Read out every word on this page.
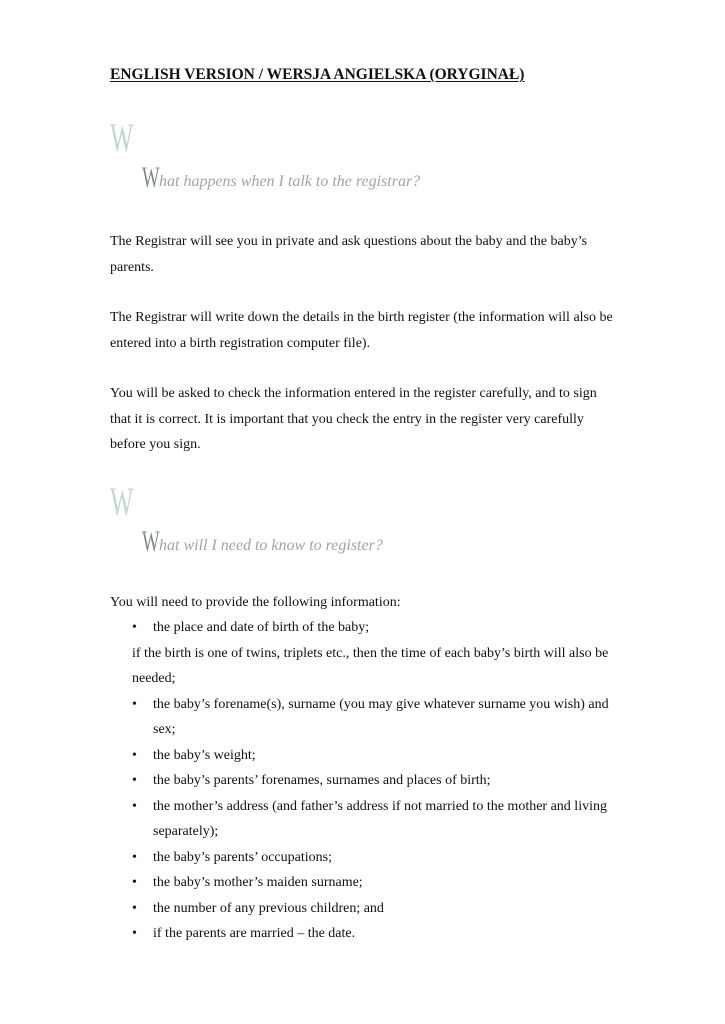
ENGLISH VERSION / WERSJA ANGIELSKA (ORYGINAŁ)
W
W hat happens when I talk to the registrar?

The Registrar will see you in private and ask questions about the baby and the baby’s parents.

The Registrar will write down the details in the birth register (the information will also be entered into a birth registration computer file).

You will be asked to check the information entered in the register carefully, and to sign that it is correct. It is important that you check the entry in the register very carefully before you sign.

W
W hat will I need to know to register?

You will need to provide the following information:

• the place and date of birth of the baby;
if the birth is one of twins, triplets etc., then the time of each baby’s birth will also be needed;
• the baby’s forename(s), surname (you may give whatever surname you wish) and sex;
• the baby’s weight;
• the baby’s parents’ forenames, surnames and places of birth;
• the mother’s address (and father’s address if not married to the mother and living separately);
• the baby’s parents’ occupations;
• the baby’s mother’s maiden surname;
• the number of any previous children; and
• if the parents are married – the date.
